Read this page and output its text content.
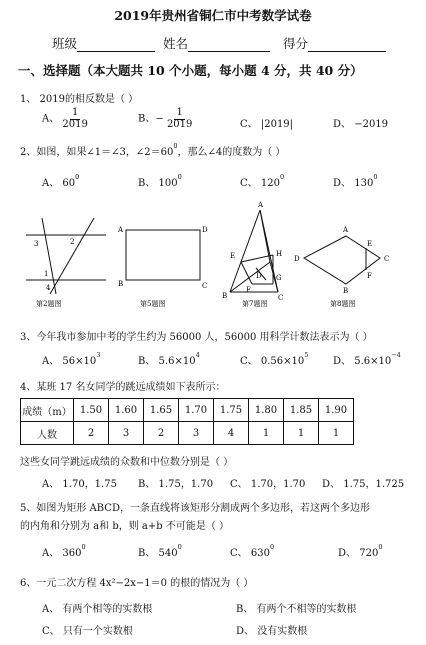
2019年贵州省铜仁市中考数学试卷
班级	姓名	得分
一、选择题（本大题共 10 个小题，每小题 4 分，共 40 分）
1、 2019的相反数是（ ）
A、 $\frac{1}{2019}$	B、− $\frac{1}{2019}$	C、 |2019|	D、 −2019
2、如图，如果∠1＝∠3，$\angle 2=60^0$，那么∠4的度数为（ ）
A、 $60^0$
B、 $100^0$
C、 $120^0$
D、 $130^0$
3	2
1
4
第2题图
A	D
B	C
第5题图
A
E	H
G
F
B	C
D
第7题图
A
E
C
F
B
D
第8题图
3、今年我市参加中考的学生约为 56000 人，56000 用科学计数法表示为（ ）
A、 $56\times 10^3$
B、 $5.6\times 10^4$
C、 $0.56\times 10^5$
D、 $5.6\times 10^{-4}$
4、某班 17 名女同学的跳远成绩如下表所示：
成绩（m）	1.50	1.60	1.65	1.70	1.75	1.80	1.85	1.90
人数	2	3	2	3	4	1	1	1
这些女同学跳远成绩的众数和中位数分别是（ ）
A、 1.70，1.75 B、 1.75，1.70 C、 1.70，1.70 D、 1.75，1.725
5、如图为矩形 ABCD，一条直线将该矩形分割成两个多边形，若这两个多边形
的内角和分别为 a和 b，则 a+b 不可能是（ ）
A、 $360^0$
B、 $540^0$
C、 $630^0$
D、 $720^0$
6、一元二次方程 4x²−2x−1＝0 的根的情况为（ ）
A、 有两个相等的实数根	B、 有两个不相等的实数根
C、 只有一个实数根	D、 没有实数根
